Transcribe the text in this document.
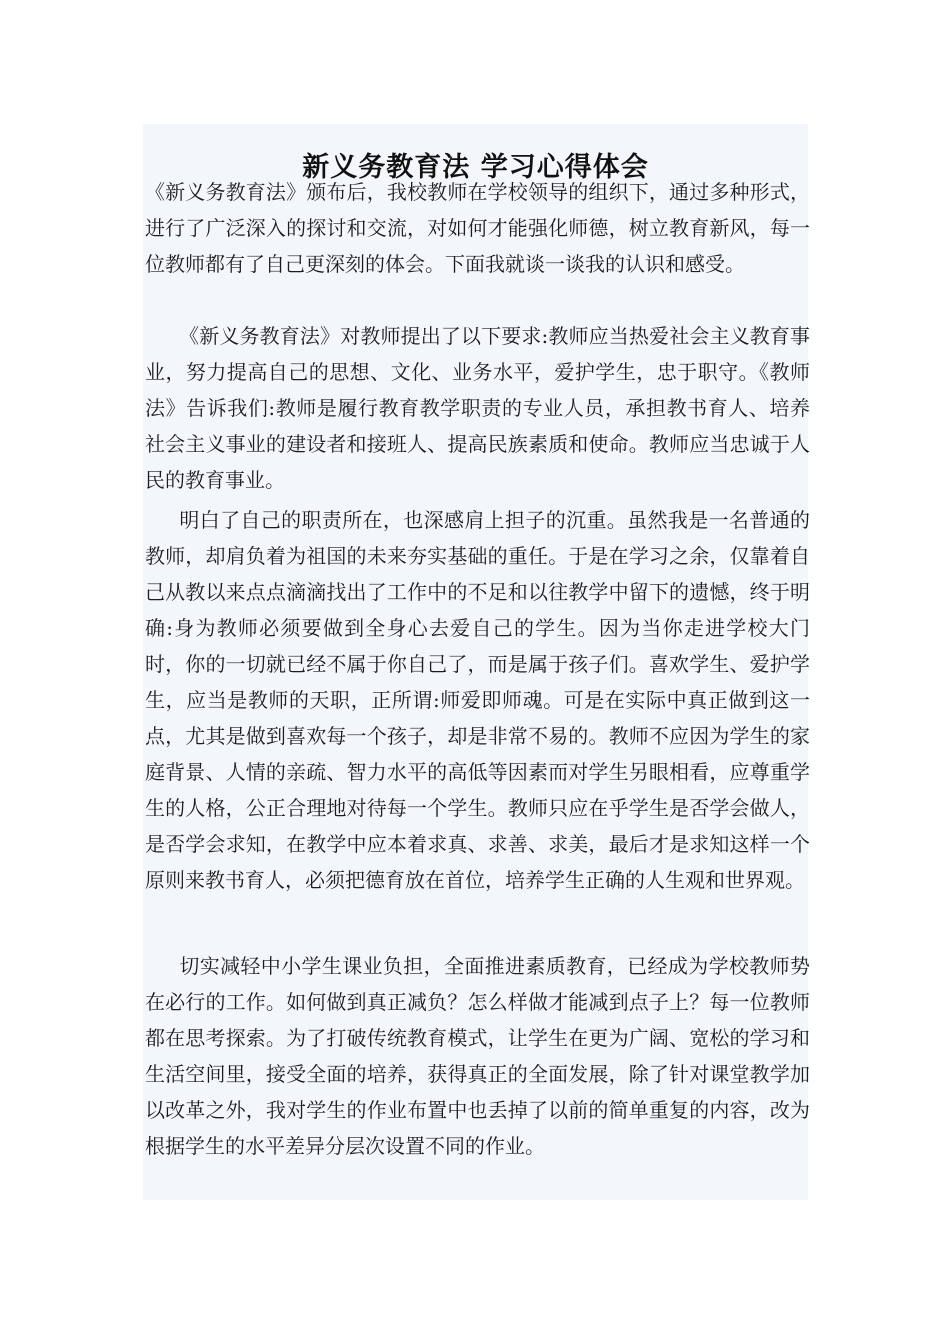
新义务教育法 学习心得体会

《新义务教育法》颁布后，我校教师在学校领导的组织下，通过多种形式，进行了广泛深入的探讨和交流，对如何才能强化师德，树立教育新风，每一位教师都有了自己更深刻的体会。下面我就谈一谈我的认识和感受。

《新义务教育法》对教师提出了以下要求:教师应当热爱社会主义教育事业，努力提高自己的思想、文化、业务水平，爱护学生，忠于职守。《教师法》告诉我们:教师是履行教育教学职责的专业人员，承担教书育人、培养社会主义事业的建设者和接班人、提高民族素质和使命。教师应当忠诚于人民的教育事业。

明白了自己的职责所在，也深感肩上担子的沉重。虽然我是一名普通的教师，却肩负着为祖国的未来夯实基础的重任。于是在学习之余，仅靠着自己从教以来点点滴滴找出了工作中的不足和以往教学中留下的遗憾，终于明确:身为教师必须要做到全身心去爱自己的学生。因为当你走进学校大门时，你的一切就已经不属于你自己了，而是属于孩子们。喜欢学生、爱护学生，应当是教师的天职，正所谓:师爱即师魂。可是在实际中真正做到这一点，尤其是做到喜欢每一个孩子，却是非常不易的。教师不应因为学生的家庭背景、人情的亲疏、智力水平的高低等因素而对学生另眼相看，应尊重学生的人格，公正合理地对待每一个学生。教师只应在乎学生是否学会做人，是否学会求知，在教学中应本着求真、求善、求美，最后才是求知这样一个原则来教书育人，必须把德育放在首位，培养学生正确的人生观和世界观。

切实减轻中小学生课业负担，全面推进素质教育，已经成为学校教师势在必行的工作。如何做到真正减负？怎么样做才能减到点子上？每一位教师都在思考探索。为了打破传统教育模式，让学生在更为广阔、宽松的学习和生活空间里，接受全面的培养，获得真正的全面发展，除了针对课堂教学加以改革之外，我对学生的作业布置中也丢掉了以前的简单重复的内容，改为根据学生的水平差异分层次设置不同的作业。
